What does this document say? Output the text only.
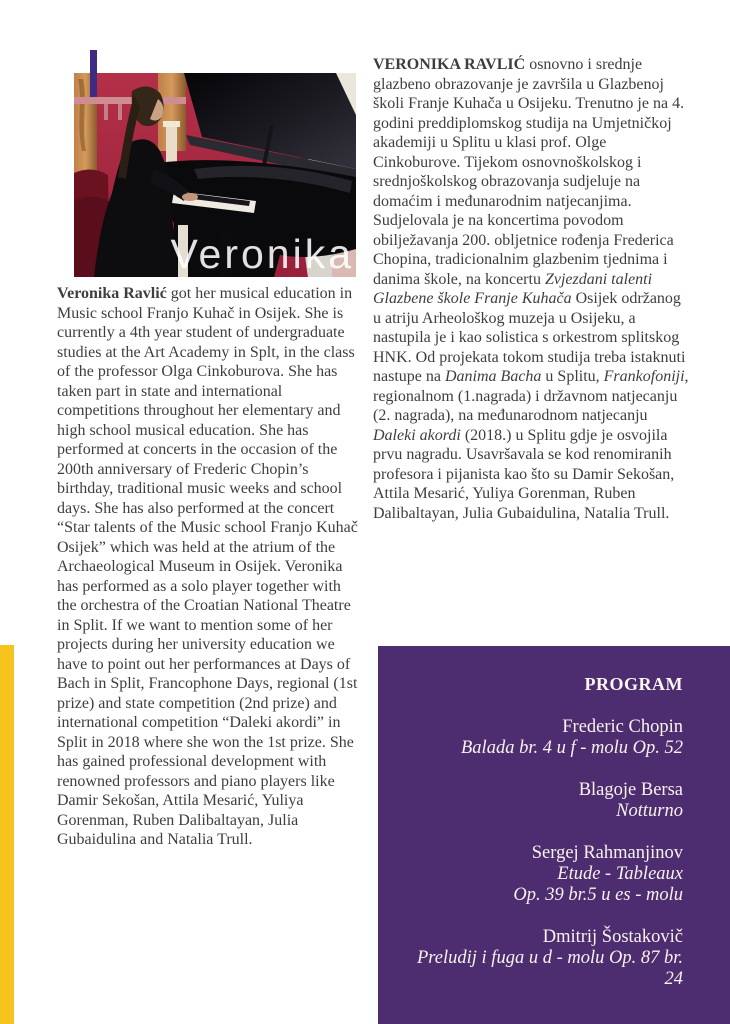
Veronika

Veronika Ravlić got her musical education in Music school Franjo Kuhač in Osijek. She is currently a 4th year student of undergraduate studies at the Art Academy in Splt, in the class of the professor Olga Cinkoburova. She has taken part in state and international competitions throughout her elementary and high school musical education. She has performed at concerts in the occasion of the 200th anniversary of Frederic Chopin’s birthday, traditional music weeks and school days. She has also performed at the concert “Star talents of the Music school Franjo Kuhač Osijek” which was held at the atrium of the Archaeological Museum in Osijek. Veronika has performed as a solo player together with the orchestra of the Croatian National Theatre in Split. If we want to mention some of her projects during her university education we have to point out her performances at Days of Bach in Split, Francophone Days, regional (1st prize) and state competition (2nd prize) and international competition “Daleki akordi” in Split in 2018 where she won the 1st prize. She has gained professional development with renowned professors and piano players like Damir Sekošan, Attila Mesarić, Yuliya Gorenman, Ruben Dalibaltayan, Julia Gubaidulina and Natalia Trull.

VERONIKA RAVLIĆ osnovno i srednje glazbeno obrazovanje je završila u Glazbenoj školi Franje Kuhača u Osijeku. Trenutno je na 4. godini preddiplomskog studija na Umjetničkoj akademiji u Splitu u klasi prof. Olge Cinkoburove. Tijekom osnovnoškolskog i srednjoškolskog obrazovanja sudjeluje na domaćim i međunarodnim natjecanjima. Sudjelovala je na koncertima povodom obilježavanja 200. obljetnice rođenja Frederica Chopina, tradicionalnim glazbenim tjednima i danima škole, na koncertu Zvjezdani talenti Glazbene škole Franje Kuhača Osijek održanog u atriju Arheološkog muzeja u Osijeku, a nastupila je i kao solistica s orkestrom splitskog HNK. Od projekata tokom studija treba istaknuti nastupe na Danima Bacha u Splitu, Frankofoniji, regionalnom (1.nagrada) i državnom natjecanju (2. nagrada), na međunarodnom natjecanju Daleki akordi (2018.) u Splitu gdje je osvojila prvu nagradu. Usavršavala se kod renomiranih profesora i pijanista kao što su Damir Sekošan, Attila Mesarić, Yuliya Gorenman, Ruben Dalibaltayan, Julia Gubaidulina, Natalia Trull.

PROGRAM
Frederic Chopin
Balada br. 4 u f - molu Op. 52
Blagoje Bersa
Notturno
Sergej Rahmanjinov
Etude - Tableaux
Op. 39 br.5 u es - molu
Dmitrij Šostakovič
Preludij i fuga u d - molu Op. 87 br. 24
